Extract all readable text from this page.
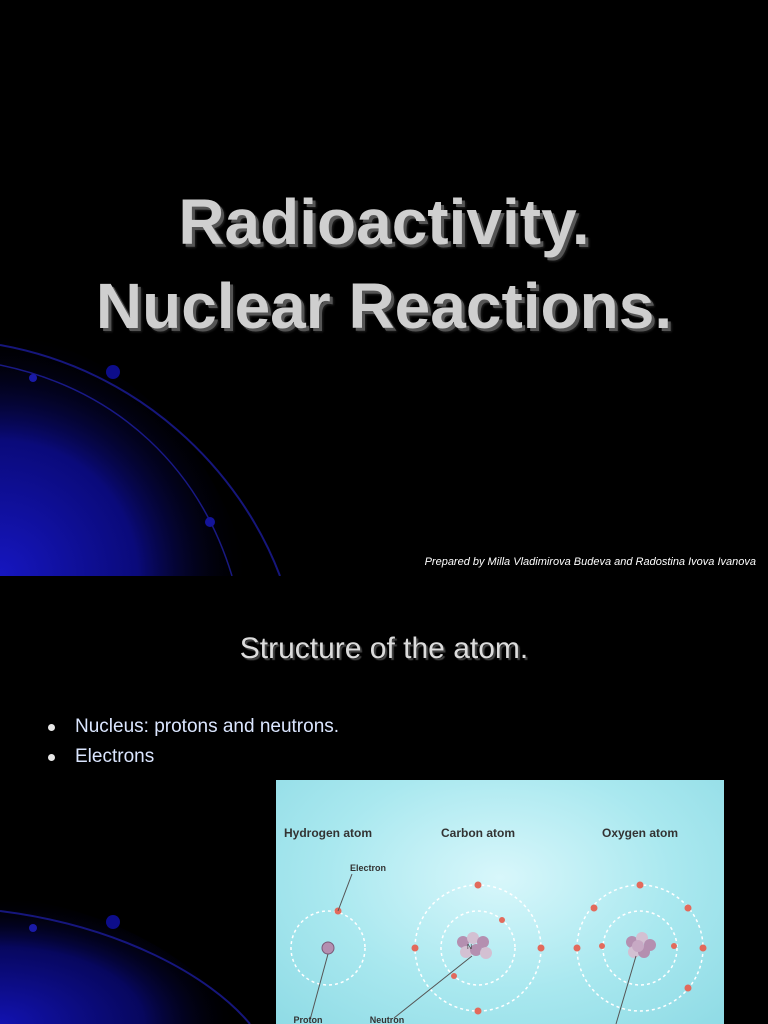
Radioactivity.
Nuclear Reactions.
Prepared by Milla Vladimirova Budeva and Radostina Ivova Ivanova
Structure of the atom.
Nucleus: protons and neutrons.
Electrons
Hydrogen atom	Carbon atom	Oxygen atom
Electron
Proton
N
Neutron
